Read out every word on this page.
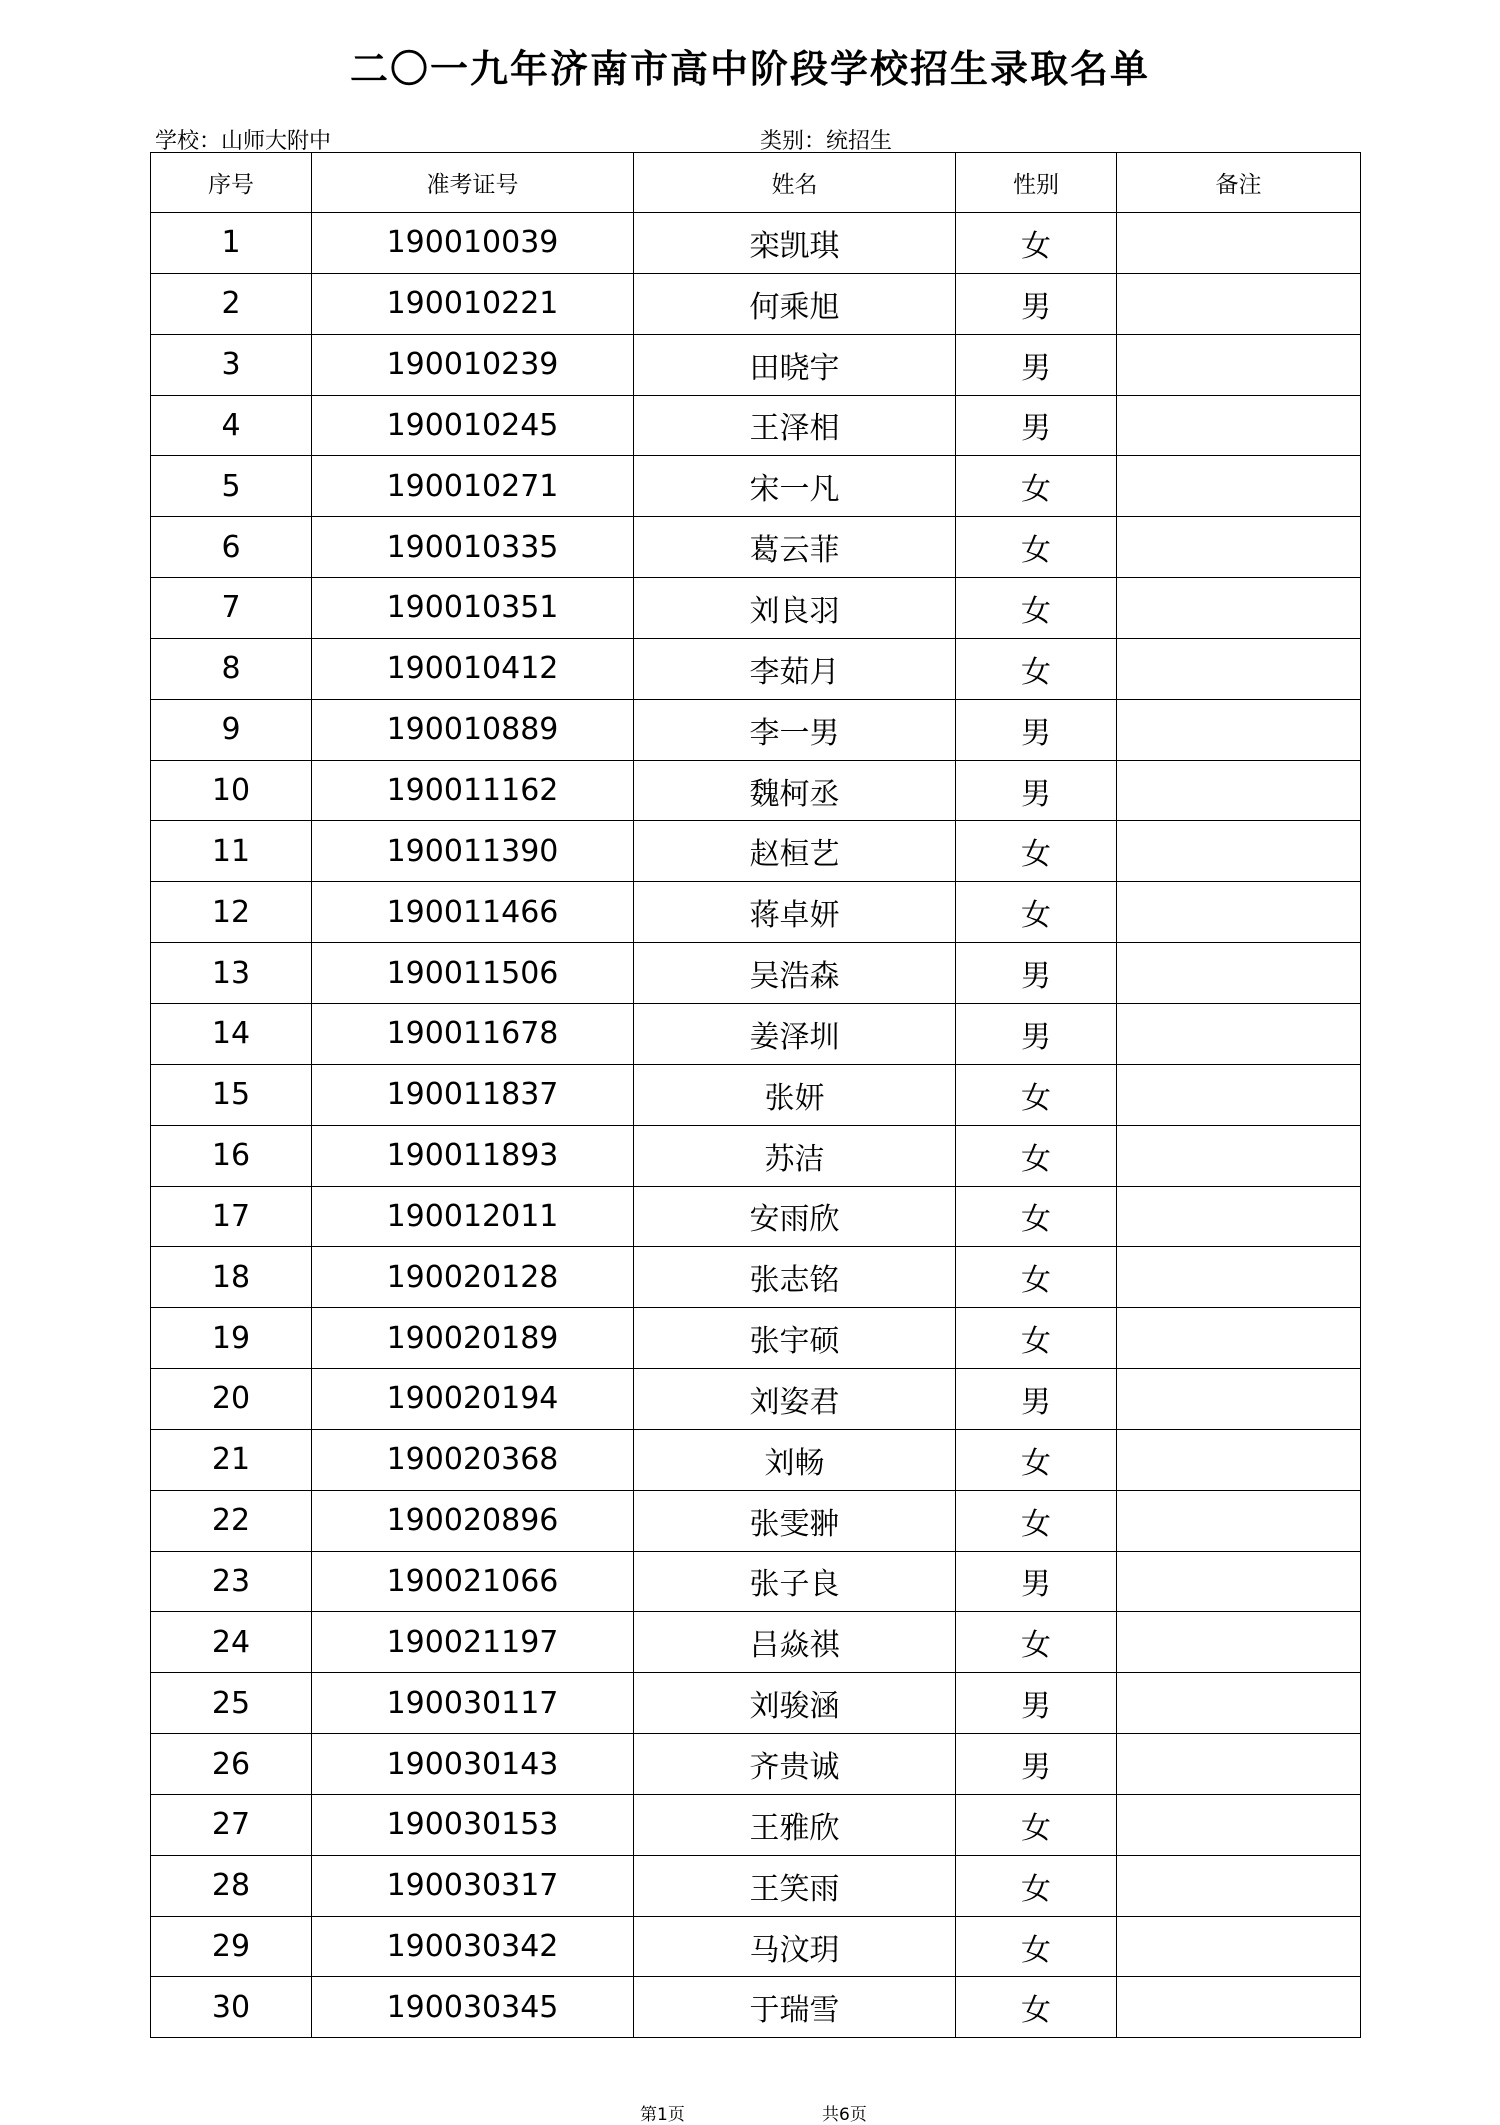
二〇一九年济南市高中阶段学校招生录取名单
学校：山师大附中	类别：统招生
序号	准考证号	姓名	性别	备注
1	190010039	栾凯琪	女	
2	190010221	何乘旭	男	
3	190010239	田晓宇	男	
4	190010245	王泽相	男	
5	190010271	宋一凡	女	
6	190010335	葛云菲	女	
7	190010351	刘良羽	女	
8	190010412	李茹月	女	
9	190010889	李一男	男	
10	190011162	魏柯丞	男	
11	190011390	赵桓艺	女	
12	190011466	蒋卓妍	女	
13	190011506	吴浩森	男	
14	190011678	姜泽圳	男	
15	190011837	张妍	女	
16	190011893	苏洁	女	
17	190012011	安雨欣	女	
18	190020128	张志铭	女	
19	190020189	张宇硕	女	
20	190020194	刘姿君	男	
21	190020368	刘畅	女	
22	190020896	张雯翀	女	
23	190021066	张子良	男	
24	190021197	吕焱祺	女	
25	190030117	刘骏涵	男	
26	190030143	齐贵诚	男	
27	190030153	王雅欣	女	
28	190030317	王笑雨	女	
29	190030342	马汶玥	女	
30	190030345	于瑞雪	女	
第1页	共6页
